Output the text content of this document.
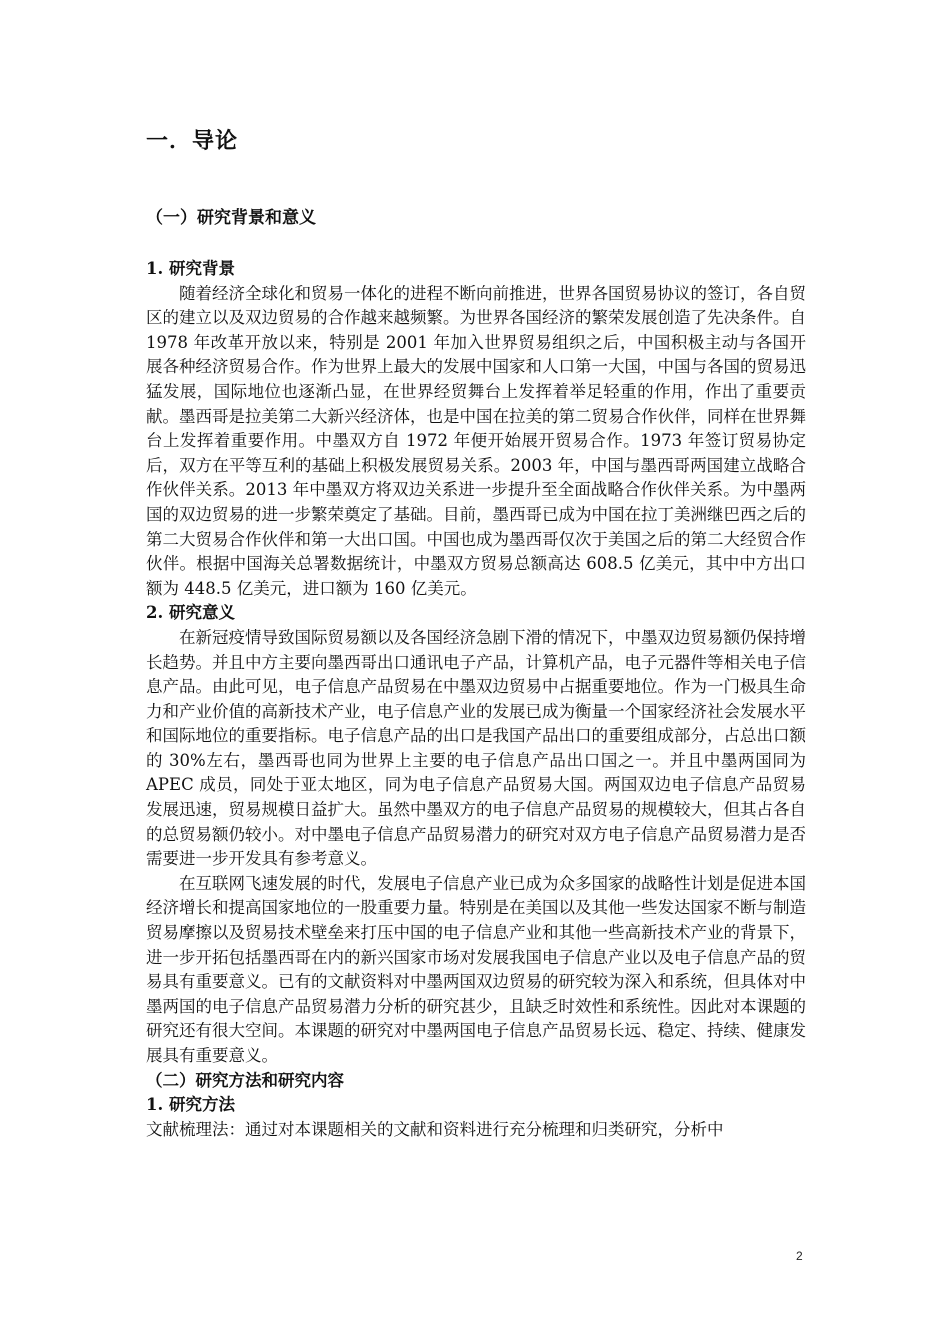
一．导论
（一）研究背景和意义

1. 研究背景

随着经济全球化和贸易一体化的进程不断向前推进，世界各国贸易协议的签订，各自贸区的建立以及双边贸易的合作越来越频繁。为世界各国经济的繁荣发展创造了先决条件。自 1978 年改革开放以来，特别是 2001 年加入世界贸易组织之后，中国积极主动与各国开展各种经济贸易合作。作为世界上最大的发展中国家和人口第一大国，中国与各国的贸易迅猛发展，国际地位也逐渐凸显，在世界经贸舞台上发挥着举足轻重的作用，作出了重要贡献。墨西哥是拉美第二大新兴经济体，也是中国在拉美的第二贸易合作伙伴，同样在世界舞台上发挥着重要作用。中墨双方自 1972 年便开始展开贸易合作。1973 年签订贸易协定后，双方在平等互利的基础上积极发展贸易关系。2003 年，中国与墨西哥两国建立战略合作伙伴关系。2013 年中墨双方将双边关系进一步提升至全面战略合作伙伴关系。为中墨两国的双边贸易的进一步繁荣奠定了基础。目前，墨西哥已成为中国在拉丁美洲继巴西之后的第二大贸易合作伙伴和第一大出口国。中国也成为墨西哥仅次于美国之后的第二大经贸合作伙伴。根据中国海关总署数据统计，中墨双方贸易总额高达 608.5 亿美元，其中中方出口额为 448.5 亿美元，进口额为 160 亿美元。

2. 研究意义

在新冠疫情导致国际贸易额以及各国经济急剧下滑的情况下，中墨双边贸易额仍保持增长趋势。并且中方主要向墨西哥出口通讯电子产品，计算机产品，电子元器件等相关电子信息产品。由此可见，电子信息产品贸易在中墨双边贸易中占据重要地位。作为一门极具生命力和产业价值的高新技术产业，电子信息产业的发展已成为衡量一个国家经济社会发展水平和国际地位的重要指标。电子信息产品的出口是我国产品出口的重要组成部分，占总出口额的 30%左右，墨西哥也同为世界上主要的电子信息产品出口国之一。并且中墨两国同为 APEC 成员，同处于亚太地区，同为电子信息产品贸易大国。两国双边电子信息产品贸易发展迅速，贸易规模日益扩大。虽然中墨双方的电子信息产品贸易的规模较大，但其占各自的总贸易额仍较小。对中墨电子信息产品贸易潜力的研究对双方电子信息产品贸易潜力是否需要进一步开发具有参考意义。

在互联网飞速发展的时代，发展电子信息产业已成为众多国家的战略性计划是促进本国经济增长和提高国家地位的一股重要力量。特别是在美国以及其他一些发达国家不断与制造贸易摩擦以及贸易技术壁垒来打压中国的电子信息产业和其他一些高新技术产业的背景下，进一步开拓包括墨西哥在内的新兴国家市场对发展我国电子信息产业以及电子信息产品的贸易具有重要意义。已有的文献资料对中墨两国双边贸易的研究较为深入和系统，但具体对中墨两国的电子信息产品贸易潜力分析的研究甚少，且缺乏时效性和系统性。因此对本课题的研究还有很大空间。本课题的研究对中墨两国电子信息产品贸易长远、稳定、持续、健康发展具有重要意义。

（二）研究方法和研究内容

1. 研究方法

文献梳理法：通过对本课题相关的文献和资料进行充分梳理和归类研究，分析中

2
